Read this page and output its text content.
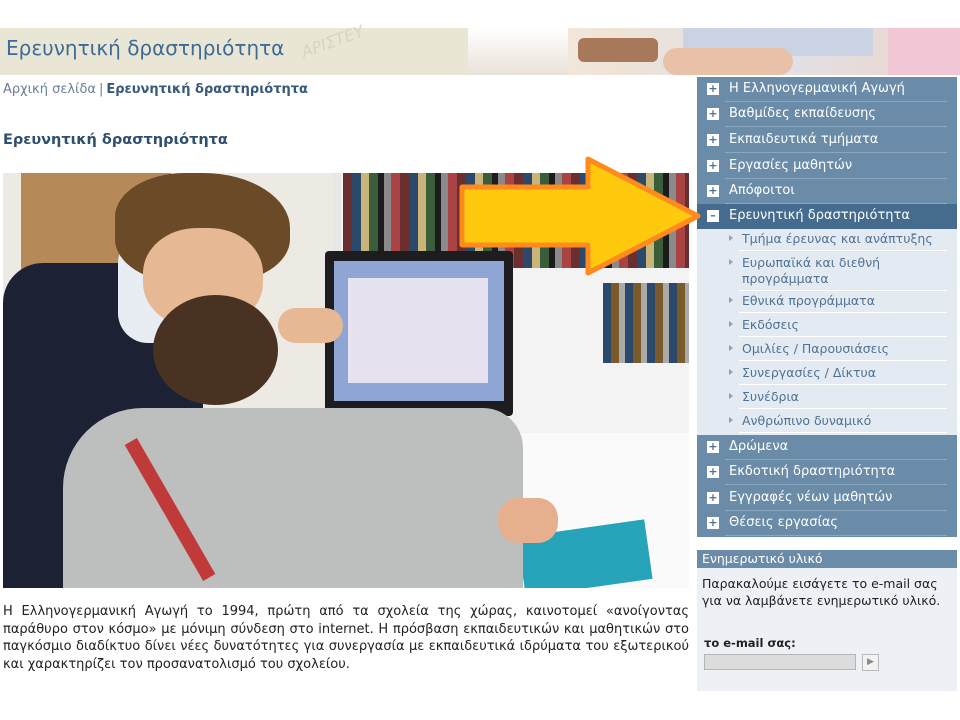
Ερευνητική δραστηριότητα ΑΡΙΣΤΕΥ
Αρχική σελίδα | Ερευνητική δραστηριότητα
Ερευνητική δραστηριότητα
Η Ελληνογερμανική Αγωγή το 1994, πρώτη από τα σχολεία της χώρας, καινοτομεί «ανοίγοντας παράθυρο στον κόσμο» με μόνιμη σύνδεση στο internet. Η πρόσβαση εκπαιδευτικών και μαθητικών στο παγκόσμιο διαδίκτυο δίνει νέες δυνατότητες για συνεργασία με εκπαιδευτικά ιδρύματα του εξωτερικού και χαρακτηρίζει τον προσανατολισμό του σχολείου.
+ Η Ελληνογερμανική Αγωγή
+ Βαθμίδες εκπαίδευσης
+ Εκπαιδευτικά τμήματα
+ Εργασίες μαθητών
+ Απόφοιτοι
– Ερευνητική δραστηριότητα
Τμήμα έρευνας και ανάπτυξης
Ευρωπαϊκά και διεθνή προγράμματα
Εθνικά προγράμματα
Εκδόσεις
Ομιλίες / Παρουσιάσεις
Συνεργασίες / Δίκτυα
Συνέδρια
Ανθρώπινο δυναμικό
+ Δρώμενα
+ Εκδοτική δραστηριότητα
+ Εγγραφές νέων μαθητών
+ Θέσεις εργασίας
Ενημερωτικό υλικό
Παρακαλούμε εισάγετε το e-mail σας για να λαμβάνετε ενημερωτικό υλικό.
το e-mail σας:
▶
